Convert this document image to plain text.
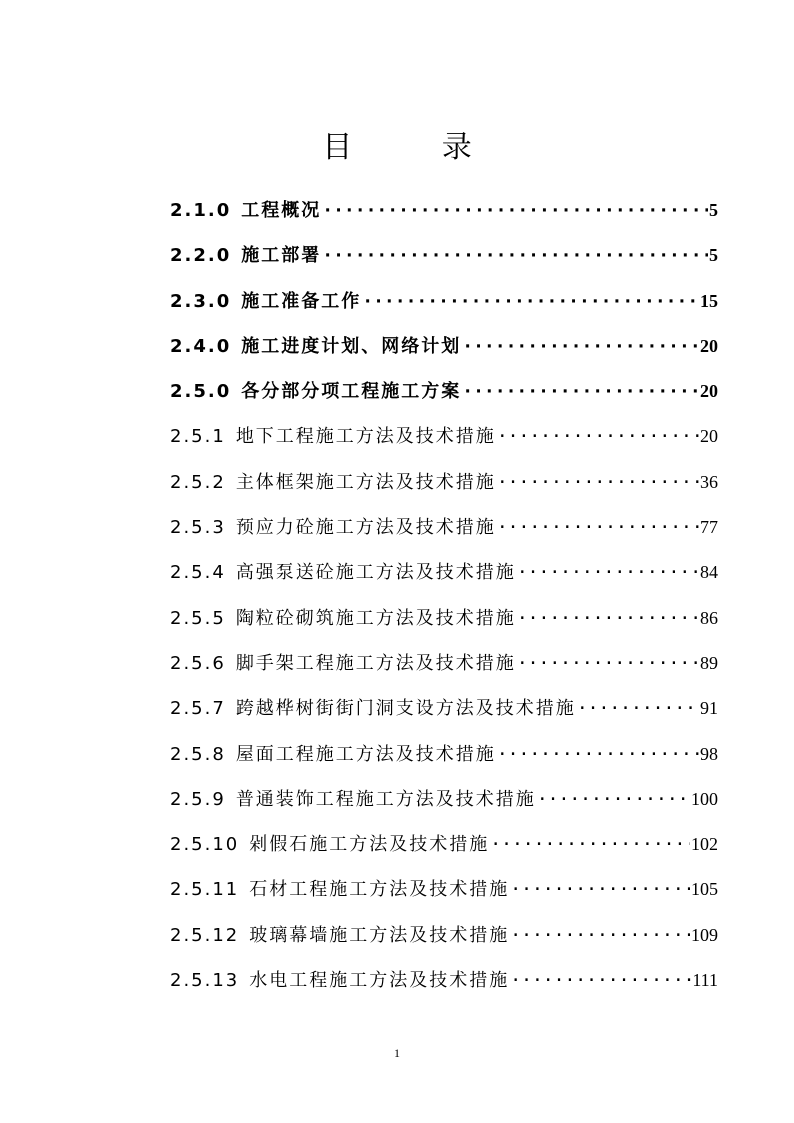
目 录
2.1.0 工程概况 ·····	5
2.2.0 施工部署 ·····	5
2.3.0 施工准备工作 ·····	15
2.4.0 施工进度计划、网络计划 ·····	20
2.5.0 各分部分项工程施工方案 ·····	20
2.5.1 地下工程施工方法及技术措施 ·····	20
2.5.2 主体框架施工方法及技术措施 ·····	36
2.5.3 预应力砼施工方法及技术措施 ·····	77
2.5.4 高强泵送砼施工方法及技术措施 ·····	84
2.5.5 陶粒砼砌筑施工方法及技术措施 ·····	86
2.5.6 脚手架工程施工方法及技术措施 ·····	89
2.5.7 跨越桦树街街门洞支设方法及技术措施 ·····	91
2.5.8 屋面工程施工方法及技术措施 ·····	98
2.5.9 普通装饰工程施工方法及技术措施 ·····	100
2.5.10 剁假石施工方法及技术措施 ·····	102
2.5.11 石材工程施工方法及技术措施 ·····	105
2.5.12 玻璃幕墙施工方法及技术措施 ·····	109
2.5.13 水电工程施工方法及技术措施 ·····	111
1
